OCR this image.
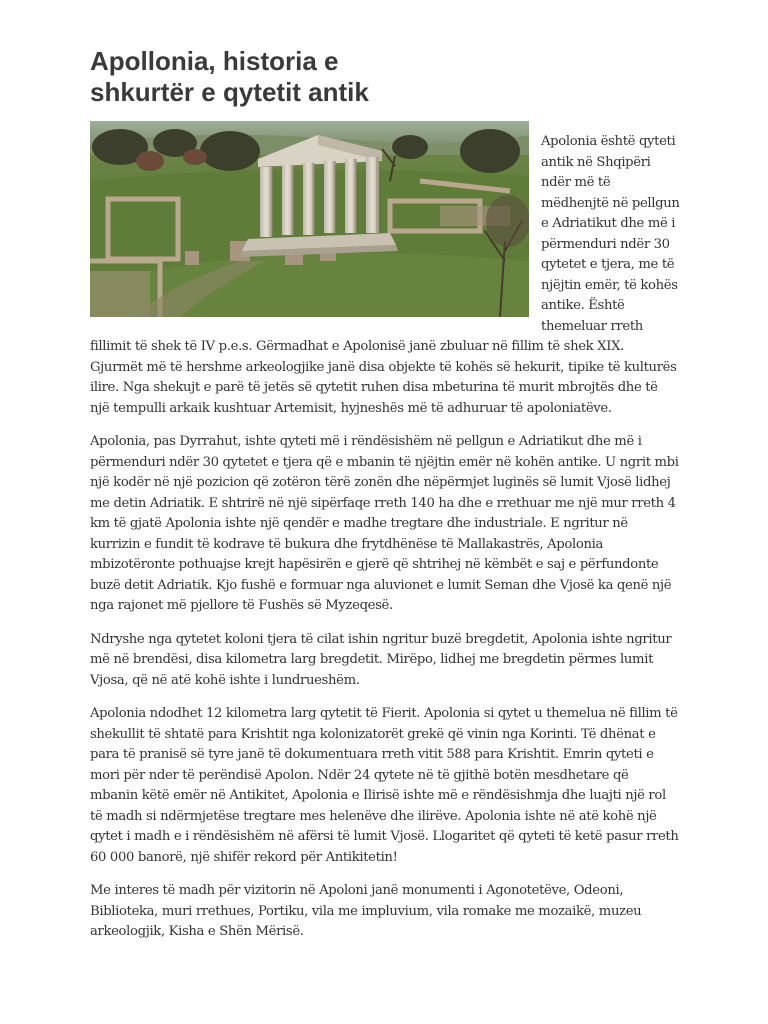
Apollonia, historia e shkurtër e qytetit antik

Apolonia është qyteti antik në Shqipëri ndër më të mëdhenjtë në pellgun e Adriatikut dhe më i përmenduri ndër 30 qytetet e tjera, me të njëjtin emër, të kohës antike. Është themeluar rreth fillimit të shek të IV p.e.s. Gërmadhat e Apolonisë janë zbuluar në fillim të shek XIX. Gjurmët më të hershme arkeologjike janë disa objekte të kohës së hekurit, tipike të kulturës ilire. Nga shekujt e parë të jetës së qytetit ruhen disa mbeturina të murit mbrojtës dhe të një tempulli arkaik kushtuar Artemisit, hyjneshës më të adhuruar të apoloniatëve.

Apolonia, pas Dyrrahut, ishte qyteti më i rëndësishëm në pellgun e Adriatikut dhe më i përmenduri ndër 30 qytetet e tjera që e mbanin të njëjtin emër në kohën antike. U ngrit mbi një kodër në një pozicion që zotëron tërë zonën dhe nëpërmjet luginës së lumit Vjosë lidhej me detin Adriatik. E shtrirë në një sipërfaqe rreth 140 ha dhe e rrethuar me një mur rreth 4 km të gjatë Apolonia ishte një qendër e madhe tregtare dhe industriale. E ngritur në kurrizin e fundit të kodrave të bukura dhe frytdhënëse të Mallakastrës, Apolonia mbizotëronte pothuajse krejt hapësirën e gjerë që shtrihej në këmbët e saj e përfundonte buzë detit Adriatik. Kjo fushë e formuar nga aluvionet e lumit Seman dhe Vjosë ka qenë një nga rajonet më pjellore të Fushës së Myzeqesë.

Ndryshe nga qytetet koloni tjera të cilat ishin ngritur buzë bregdetit, Apolonia ishte ngritur më në brendësi, disa kilometra larg bregdetit. Mirëpo, lidhej me bregdetin përmes lumit Vjosa, që në atë kohë ishte i lundrueshëm.

Apolonia ndodhet 12 kilometra larg qytetit të Fierit. Apolonia si qytet u themelua në fillim të shekullit të shtatë para Krishtit nga kolonizatorët grekë që vinin nga Korinti. Të dhënat e para të pranisë së tyre janë të dokumentuara rreth vitit 588 para Krishtit. Emrin qyteti e mori për nder të perëndisë Apolon. Ndër 24 qytete në të gjithë botën mesdhetare që mbanin këtë emër në Antikitet, Apolonia e Ilirisë ishte më e rëndësishmja dhe luajti një rol të madh si ndërmjetëse tregtare mes helenëve dhe ilirëve. Apolonia ishte në atë kohë një qytet i madh e i rëndësishëm në afërsi të lumit Vjosë. Llogaritet që qyteti të ketë pasur rreth 60 000 banorë, një shifër rekord për Antikitetin!

Me interes të madh për vizitorin në Apoloni janë monumenti i Agonotetëve, Odeoni, Biblioteka, muri rrethues, Portiku, vila me impluvium, vila romake me mozaikë, muzeu arkeologjik, Kisha e Shën Mërisë.
